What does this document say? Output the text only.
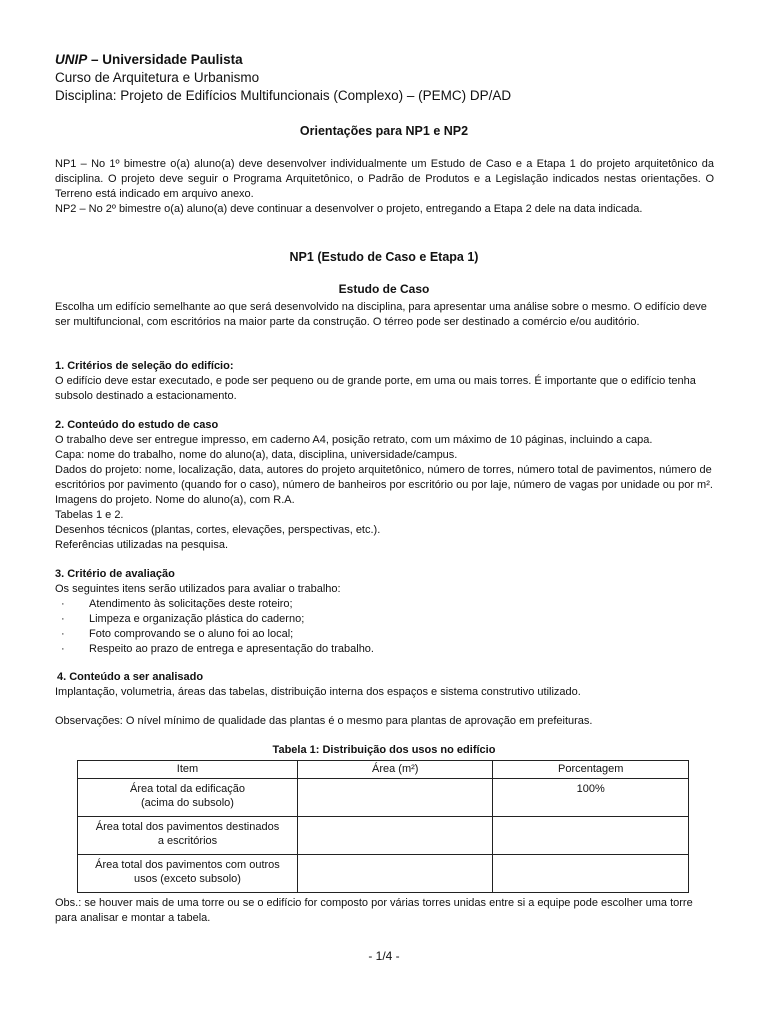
UNIP – Universidade Paulista
Curso de Arquitetura e Urbanismo
Disciplina: Projeto de Edifícios Multifuncionais (Complexo) – (PEMC) DP/AD
Orientações para NP1 e NP2
NP1 – No 1º bimestre o(a) aluno(a) deve desenvolver individualmente um Estudo de Caso e a Etapa 1 do projeto arquitetônico da disciplina. O projeto deve seguir o Programa Arquitetônico, o Padrão de Produtos e a Legislação indicados nestas orientações. O Terreno está indicado em arquivo anexo.
NP2 – No 2º bimestre o(a) aluno(a) deve continuar a desenvolver o projeto, entregando a Etapa 2 dele na data indicada.
NP1 (Estudo de Caso e Etapa 1)
Estudo de Caso
Escolha um edifício semelhante ao que será desenvolvido na disciplina, para apresentar uma análise sobre o mesmo. O edifício deve ser multifuncional, com escritórios na maior parte da construção. O térreo pode ser destinado a comércio e/ou auditório.
1. Critérios de seleção do edifício:
O edifício deve estar executado, e pode ser pequeno ou de grande porte, em uma ou mais torres. É importante que o edifício tenha subsolo destinado a estacionamento.
2. Conteúdo do estudo de caso
O trabalho deve ser entregue impresso, em caderno A4, posição retrato, com um máximo de 10 páginas, incluindo a capa.
Capa: nome do trabalho, nome do aluno(a), data, disciplina, universidade/campus.
Dados do projeto: nome, localização, data, autores do projeto arquitetônico, número de torres, número total de pavimentos, número de escritórios por pavimento (quando for o caso), número de banheiros por escritório ou por laje, número de vagas por unidade ou por m². Imagens do projeto. Nome do aluno(a), com R.A.
Tabelas 1 e 2.
Desenhos técnicos (plantas, cortes, elevações, perspectivas, etc.).
Referências utilizadas na pesquisa.
3. Critério de avaliação
Os seguintes itens serão utilizados para avaliar o trabalho:
·	Atendimento às solicitações deste roteiro;
·	Limpeza e organização plástica do caderno;
·	Foto comprovando se o aluno foi ao local;
·	Respeito ao prazo de entrega e apresentação do trabalho.
4. Conteúdo a ser analisado
Implantação, volumetria, áreas das tabelas, distribuição interna dos espaços e sistema construtivo utilizado.
Observações: O nível mínimo de qualidade das plantas é o mesmo para plantas de aprovação em prefeituras.
Tabela 1: Distribuição dos usos no edifício
Item	Área (m²)	Porcentagem

Área total da edificação
(acima do subsolo)		100%

Área total dos pavimentos destinados
a escritórios		

Área total dos pavimentos com outros
usos (exceto subsolo)		

Obs.: se houver mais de uma torre ou se o edifício for composto por várias torres unidas entre si a equipe pode escolher uma torre para analisar e montar a tabela.
- 1/4 -
